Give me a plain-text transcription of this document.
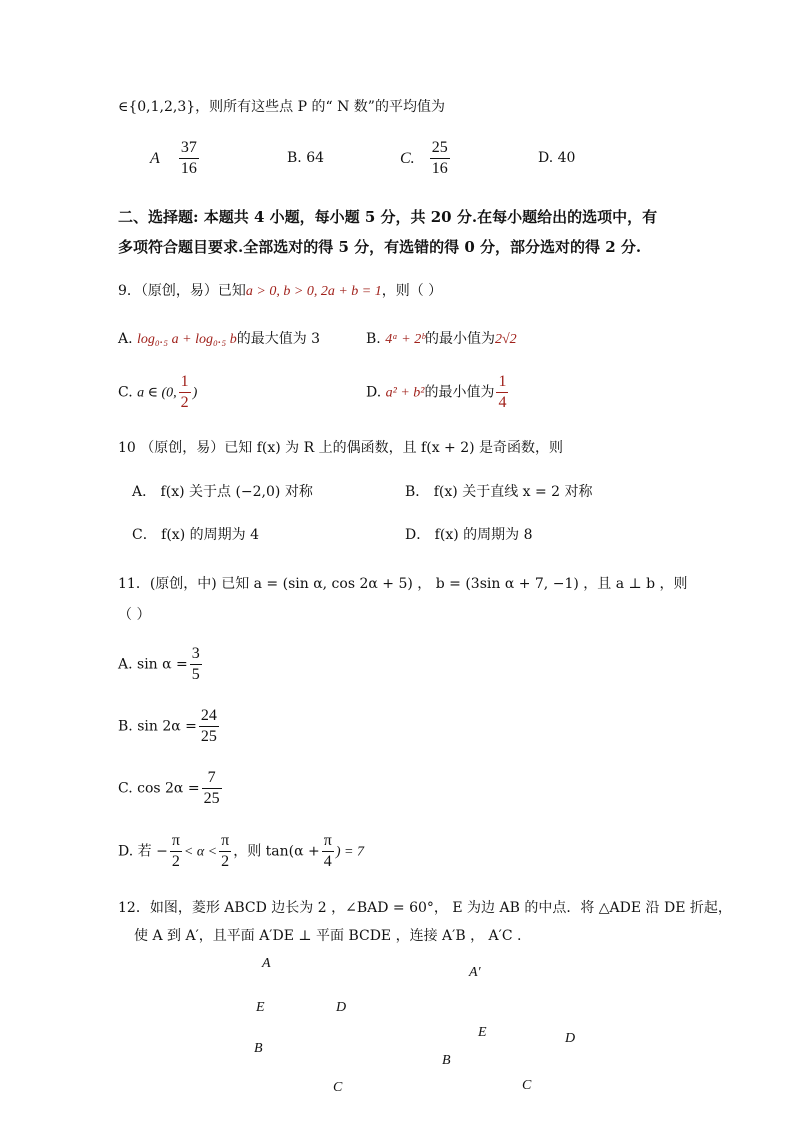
∈{0,1,2,3}，则所有这些点 P 的“ N 数”的平均值为
A $\frac{37}{16}$	B. 64	C. $\frac{25}{16}$	D. 40
二、选择题: 本题共 4 小题，每小题 5 分，共 20 分.在每小题给出的选项中，有
多项符合题目要求.全部选对的得 5 分，有选错的得 0 分，部分选对的得 2 分.
9．（原创，易）已知a > 0, b > 0, 2a + b = 1，则（ ）
A. log₀.₅ a + log₀.₅ b的最大值为 3	B. 4ᵃ + 2ᵇ的最小值为2√2
C. a ∈ (0, $\frac{1}{2}$ )	D. a² + b²的最小值为 $\frac{1}{4}$
10 （原创，易）已知 f(x) 为 R 上的偶函数，且 f(x + 2) 是奇函数，则
A． f(x) 关于点 (−2,0) 对称	B． f(x) 关于直线 x = 2 对称
C． f(x) 的周期为 4	D． f(x) 的周期为 8
11．(原创，中) 已知 a = (sin α, cos 2α + 5) ， b = (3sin α + 7, −1) ，且 a ⊥ b ，则
（ ）
A. $\sin \alpha = \frac{3}{5}$
B. $\sin 2\alpha = \frac{24}{25}$
C. $\cos 2\alpha = \frac{7}{25}$
D. 若 − $\frac{\pi}{2} < \alpha < \frac{\pi}{2}$ ，则 $\tan(\alpha + \frac{\pi}{4}$ ) = 7
12．如图，菱形 ABCD 边长为 2 ，∠BAD = 60°， E 为边 AB 的中点．将 △ADE 沿 DE 折起，
使 A 到 A′，且平面 A′DE ⊥ 平面 BCDE ，连接 A′B ， A′C .
A
E	D
B
C
A′
E	D
B
C
